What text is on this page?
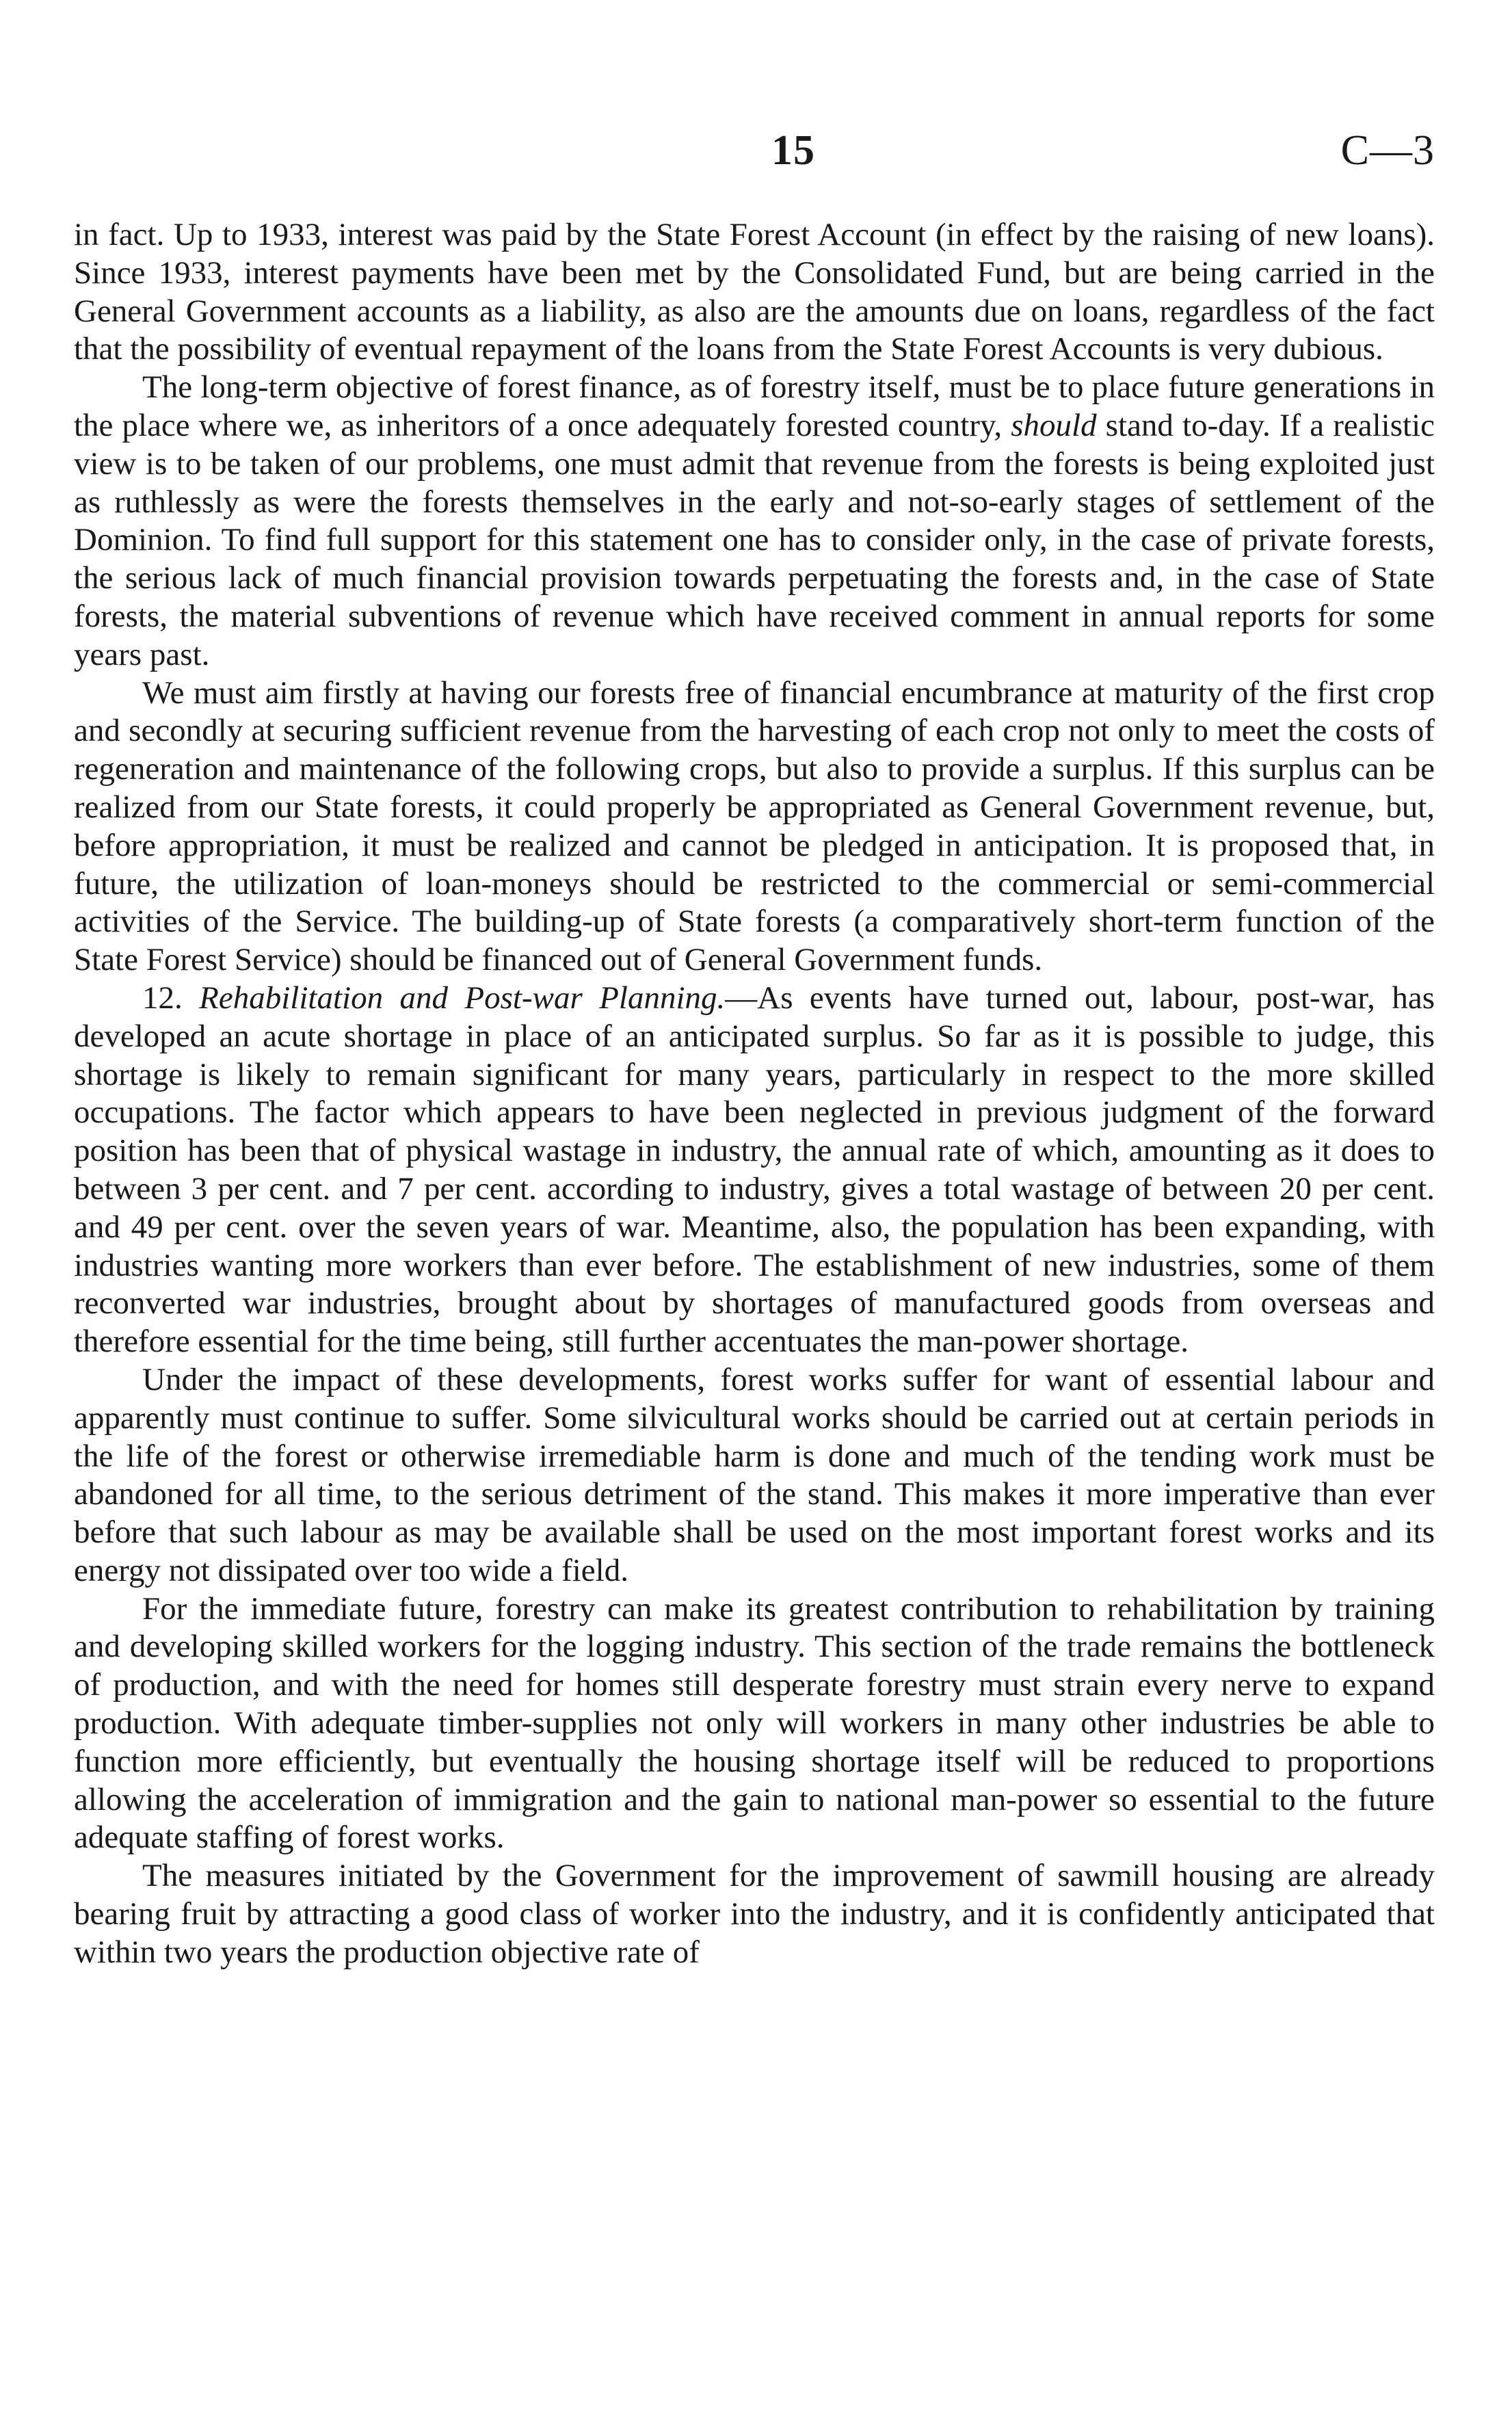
15	C—3

in fact. Up to 1933, interest was paid by the State Forest Account (in effect by the raising of new loans). Since 1933, interest payments have been met by the Consolidated Fund, but are being carried in the General Government accounts as a liability, as also are the amounts due on loans, regardless of the fact that the possibility of eventual repayment of the loans from the State Forest Accounts is very dubious.

The long-term objective of forest finance, as of forestry itself, must be to place future generations in the place where we, as inheritors of a once adequately forested country, should stand to-day. If a realistic view is to be taken of our problems, one must admit that revenue from the forests is being exploited just as ruthlessly as were the forests themselves in the early and not-so-early stages of settlement of the Dominion. To find full support for this statement one has to consider only, in the case of private forests, the serious lack of much financial provision towards perpetuating the forests and, in the case of State forests, the material subventions of revenue which have received comment in annual reports for some years past.

We must aim firstly at having our forests free of financial encumbrance at maturity of the first crop and secondly at securing sufficient revenue from the harvesting of each crop not only to meet the costs of regeneration and maintenance of the following crops, but also to provide a surplus. If this surplus can be realized from our State forests, it could properly be appropriated as General Government revenue, but, before appropriation, it must be realized and cannot be pledged in anticipation. It is proposed that, in future, the utilization of loan-moneys should be restricted to the commercial or semi-commercial activities of the Service. The building-up of State forests (a comparatively short-term function of the State Forest Service) should be financed out of General Government funds.

12. Rehabilitation and Post-war Planning.—As events have turned out, labour, post-war, has developed an acute shortage in place of an anticipated surplus. So far as it is possible to judge, this shortage is likely to remain significant for many years, particularly in respect to the more skilled occupations. The factor which appears to have been neglected in previous judgment of the forward position has been that of physical wastage in industry, the annual rate of which, amounting as it does to between 3 per cent. and 7 per cent. according to industry, gives a total wastage of between 20 per cent. and 49 per cent. over the seven years of war. Meantime, also, the population has been expanding, with industries wanting more workers than ever before. The establishment of new industries, some of them reconverted war industries, brought about by shortages of manufactured goods from overseas and therefore essential for the time being, still further accentuates the man-power shortage.

Under the impact of these developments, forest works suffer for want of essential labour and apparently must continue to suffer. Some silvicultural works should be carried out at certain periods in the life of the forest or otherwise irremediable harm is done and much of the tending work must be abandoned for all time, to the serious detriment of the stand. This makes it more imperative than ever before that such labour as may be available shall be used on the most important forest works and its energy not dissipated over too wide a field.

For the immediate future, forestry can make its greatest contribution to rehabilitation by training and developing skilled workers for the logging industry. This section of the trade remains the bottleneck of production, and with the need for homes still desperate forestry must strain every nerve to expand production. With adequate timber-supplies not only will workers in many other industries be able to function more efficiently, but eventually the housing shortage itself will be reduced to proportions allowing the acceleration of immigration and the gain to national man-power so essential to the future adequate staffing of forest works.

The measures initiated by the Government for the improvement of sawmill housing are already bearing fruit by attracting a good class of worker into the industry, and it is confidently anticipated that within two years the production objective rate of
